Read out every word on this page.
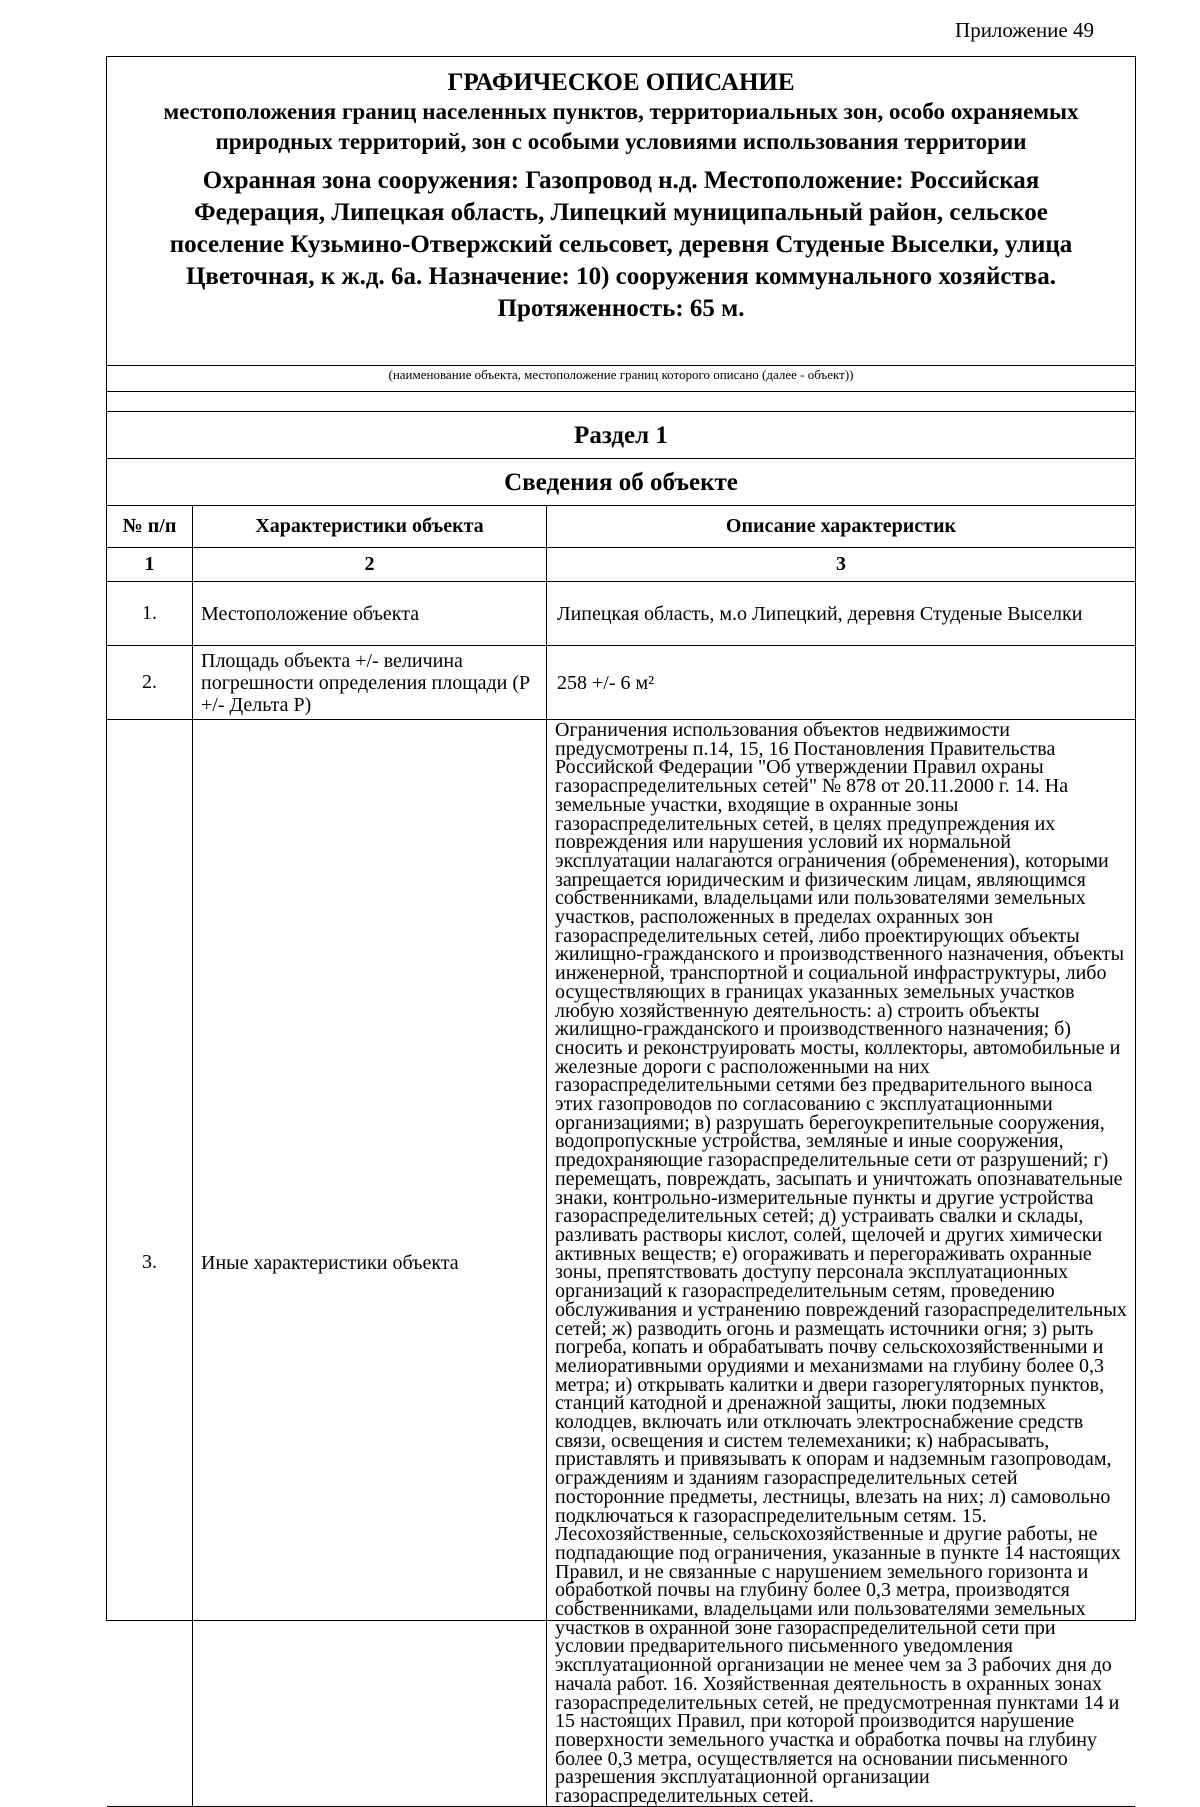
Приложение 49
ГРАФИЧЕСКОЕ ОПИСАНИЕ
местоположения границ населенных пунктов, территориальных зон, особо охраняемых природных территорий, зон с особыми условиями использования территории
Охранная зона сооружения: Газопровод н.д. Местоположение: Российская Федерация, Липецкая область, Липецкий муниципальный район, сельское поселение Кузьмино-Отвержский сельсовет, деревня Студеные Выселки, улица Цветочная, к ж.д. 6а. Назначение: 10) сооружения коммунального хозяйства. Протяженность: 65 м.
(наименование объекта, местоположение границ которого описано (далее - объект))
Раздел 1
Сведения об объекте
№ п/п	Характеристики объекта	Описание характеристик
1	2	3
1.	Местоположение объекта	Липецкая область, м.о Липецкий, деревня Студеные Выселки
2.	Площадь объекта +/- величина погрешности определения площади (Р +/- Дельта Р)	258 +/- 6 м²
3.	Иные характеристики объекта	Ограничения использования объектов недвижимости предусмотрены п.14, 15, 16 Постановления Правительства Российской Федерации "Об утверждении Правил охраны газораспределительных сетей" № 878 от 20.11.2000 г. 14. На земельные участки, входящие в охранные зоны газораспределительных сетей, в целях предупреждения их повреждения или нарушения условий их нормальной эксплуатации налагаются ограничения (обременения), которыми запрещается юридическим и физическим лицам, являющимся собственниками, владельцами или пользователями земельных участков, расположенных в пределах охранных зон газораспределительных сетей, либо проектирующих объекты жилищно-гражданского и производственного назначения, объекты инженерной, транспортной и социальной инфраструктуры, либо осуществляющих в границах указанных земельных участков любую хозяйственную деятельность: а) строить объекты жилищно-гражданского и производственного назначения; б) сносить и реконструировать мосты, коллекторы, автомобильные и железные дороги с расположенными на них газораспределительными сетями без предварительного выноса этих газопроводов по согласованию с эксплуатационными организациями; в) разрушать берегоукрепительные сооружения, водопропускные устройства, земляные и иные сооружения, предохраняющие газораспределительные сети от разрушений; г) перемещать, повреждать, засыпать и уничтожать опознавательные знаки, контрольно-измерительные пункты и другие устройства газораспределительных сетей; д) устраивать свалки и склады, разливать растворы кислот, солей, щелочей и других химически активных веществ; е) огораживать и перегораживать охранные зоны, препятствовать доступу персонала эксплуатационных организаций к газораспределительным сетям, проведению обслуживания и устранению повреждений газораспределительных сетей; ж) разводить огонь и размещать источники огня; з) рыть погреба, копать и обрабатывать почву сельскохозяйственными и мелиоративными орудиями и механизмами на глубину более 0,3 метра; и) открывать калитки и двери газорегуляторных пунктов, станций катодной и дренажной защиты, люки подземных колодцев, включать или отключать электроснабжение средств связи, освещения и систем телемеханики; к) набрасывать, приставлять и привязывать к опорам и надземным газопроводам, ограждениям и зданиям газораспределительных сетей посторонние предметы, лестницы, влезать на них; л) самовольно подключаться к газораспределительным сетям. 15. Лесохозяйственные, сельскохозяйственные и другие работы, не подпадающие под ограничения, указанные в пункте 14 настоящих Правил, и не связанные с нарушением земельного горизонта и обработкой почвы на глубину более 0,3 метра, производятся собственниками, владельцами или пользователями земельных участков в охранной зоне газораспределительной сети при условии предварительного письменного уведомления эксплуатационной организации не менее чем за 3 рабочих дня до начала работ. 16. Хозяйственная деятельность в охранных зонах газораспределительных сетей, не предусмотренная пунктами 14 и 15 настоящих Правил, при которой производится нарушение поверхности земельного участка и обработка почвы на глубину более 0,3 метра, осуществляется на основании письменного разрешения эксплуатационной организации газораспределительных сетей.
